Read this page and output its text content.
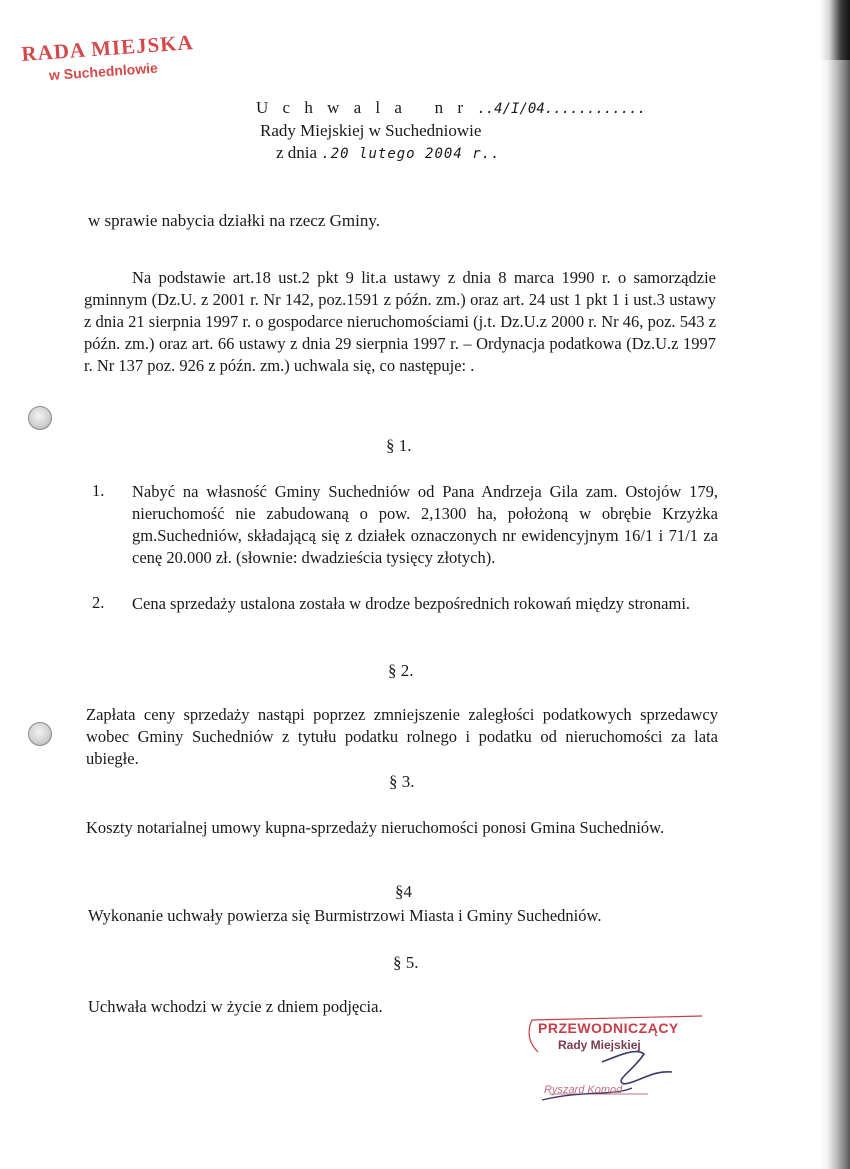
RADA MIEJSKA
w Suchednlowie
U c h w a l a   n r ..4/I/04............
Rady Miejskiej w Suchedniowie
z dnia .20 lutego 2004 r..
w sprawie nabycia działki na rzecz Gminy.
Na podstawie art.18 ust.2 pkt 9 lit.a ustawy z dnia 8 marca 1990 r. o samorządzie gminnym (Dz.U. z 2001 r. Nr 142, poz.1591 z późn. zm.) oraz art. 24 ust 1 pkt 1 i ust.3 ustawy z dnia 21 sierpnia 1997 r. o gospodarce nieruchomościami (j.t. Dz.U.z 2000 r. Nr 46, poz. 543 z późn. zm.) oraz art. 66 ustawy z dnia 29 sierpnia 1997 r. – Ordynacja podatkowa (Dz.U.z 1997 r. Nr 137 poz. 926 z późn. zm.) uchwala się, co następuje: .
§ 1.
1. Nabyć na własność Gminy Suchedniów od Pana Andrzeja Gila zam. Ostojów 179, nieruchomość nie zabudowaną o pow. 2,1300 ha, położoną w obrębie Krzyżka gm.Suchedniów, składającą się z działek oznaczonych nr ewidencyjnym 16/1 i 71/1 za cenę 20.000 zł. (słownie: dwadzieścia tysięcy złotych).
2. Cena sprzedaży ustalona została w drodze bezpośrednich rokowań między stronami.
§ 2.
Zapłata ceny sprzedaży nastąpi poprzez zmniejszenie zaległości podatkowych sprzedawcy wobec Gminy Suchedniów z tytułu podatku rolnego i podatku od nieruchomości za lata ubiegłe.
§ 3.
Koszty notarialnej umowy kupna-sprzedaży nieruchomości ponosi Gmina Suchedniów.
§4
Wykonanie uchwały powierza się Burmistrzowi Miasta i Gminy Suchedniów.
§ 5.
Uchwała wchodzi w życie z dniem podjęcia.
PRZEWODNICZĄCY
Rady Miejskiej
Ryszard Komod
